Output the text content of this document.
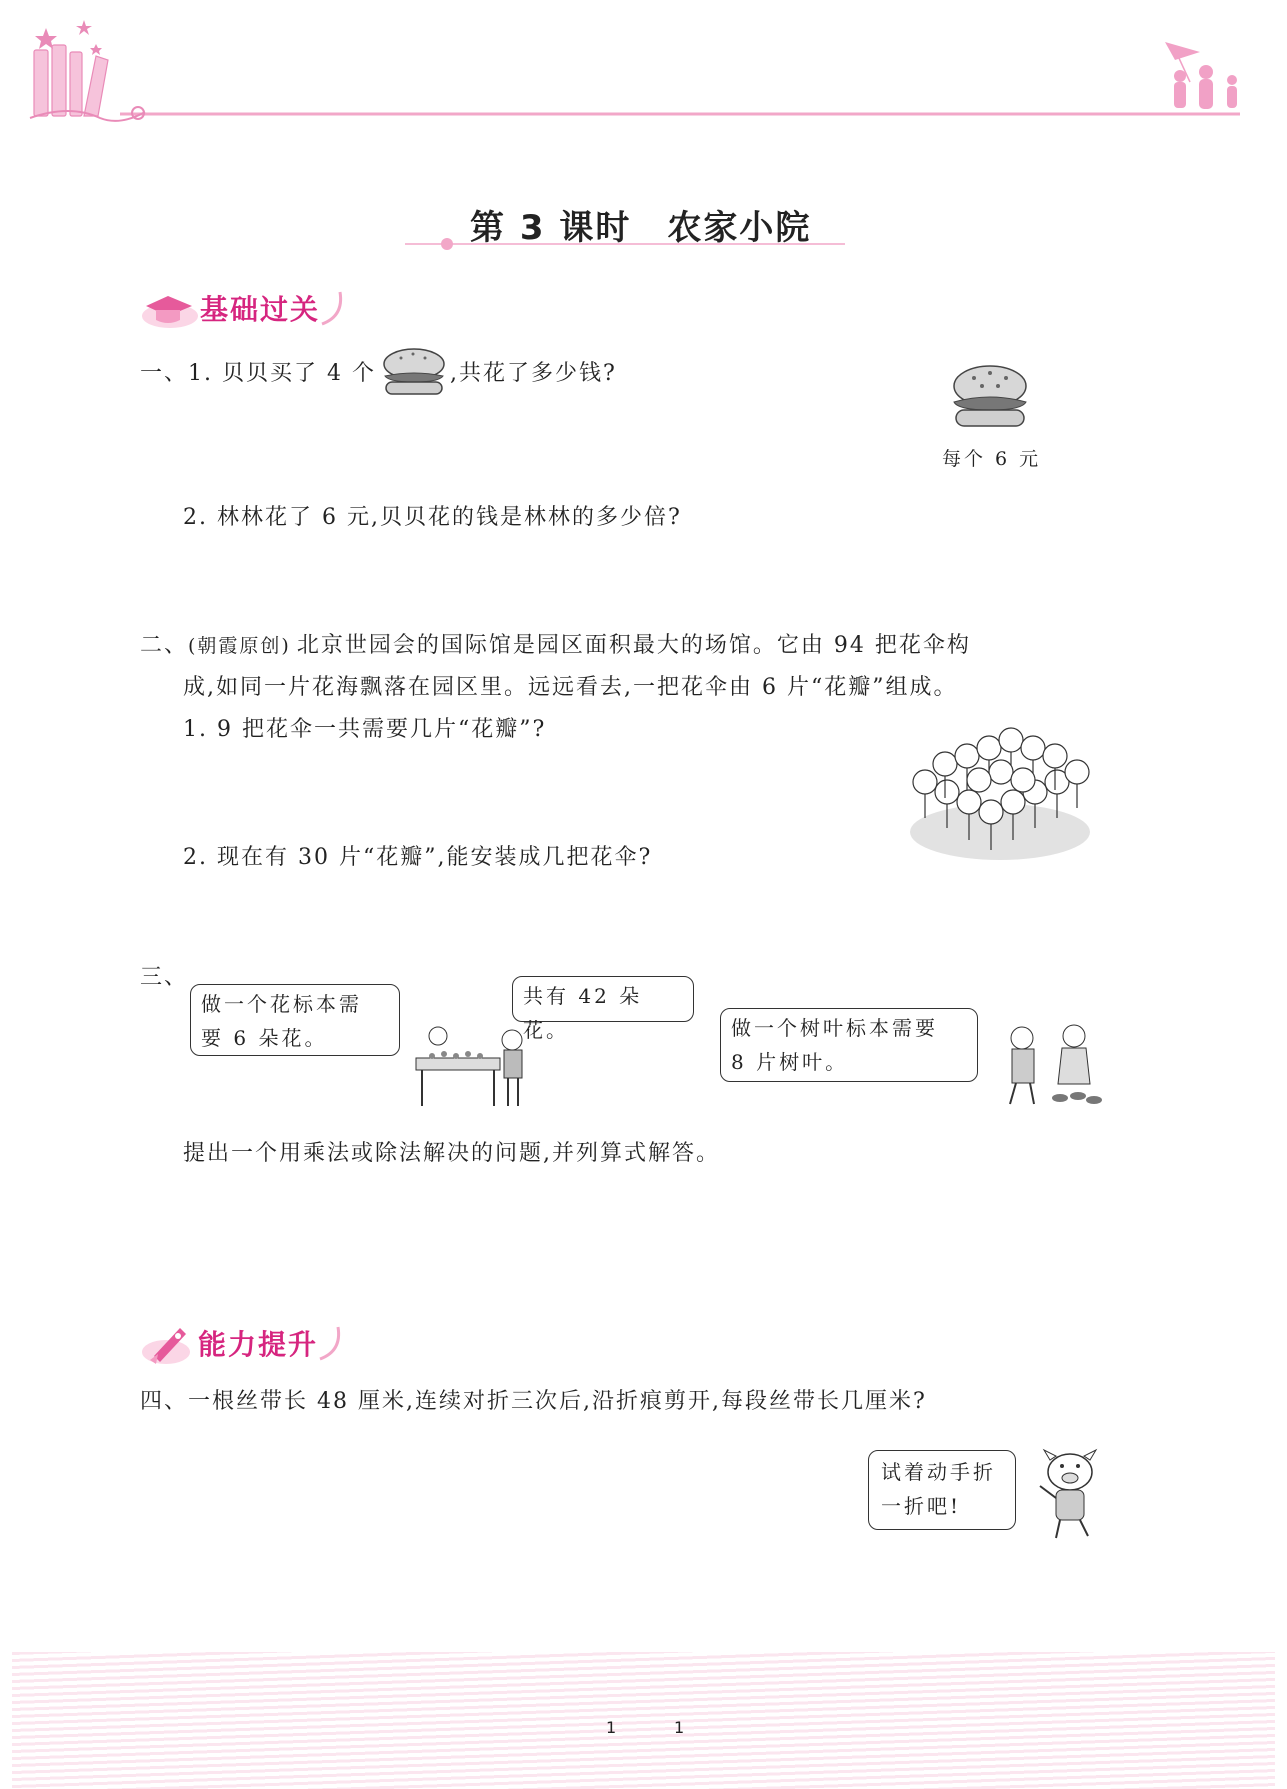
第 3 课时　农家小院
基础过关
一、1. 贝贝买了 4 个	,共花了多少钱?
每个 6 元
2. 林林花了 6 元,贝贝花的钱是林林的多少倍?
二、(朝霞原创) 北京世园会的国际馆是园区面积最大的场馆。它由 94 把花伞构
成,如同一片花海飘落在园区里。远远看去,一把花伞由 6 片“花瓣”组成。
1. 9 把花伞一共需要几片“花瓣”?
2. 现在有 30 片“花瓣”,能安装成几把花伞?
三、
做一个花标本需
要 6 朵花。
共有 42 朵花。	做一个树叶标本需要
8 片树叶。
提出一个用乘法或除法解决的问题,并列算式解答。
能力提升
四、一根丝带长 48 厘米,连续对折三次后,沿折痕剪开,每段丝带长几厘米?
试着动手折
一折吧!
1	1
